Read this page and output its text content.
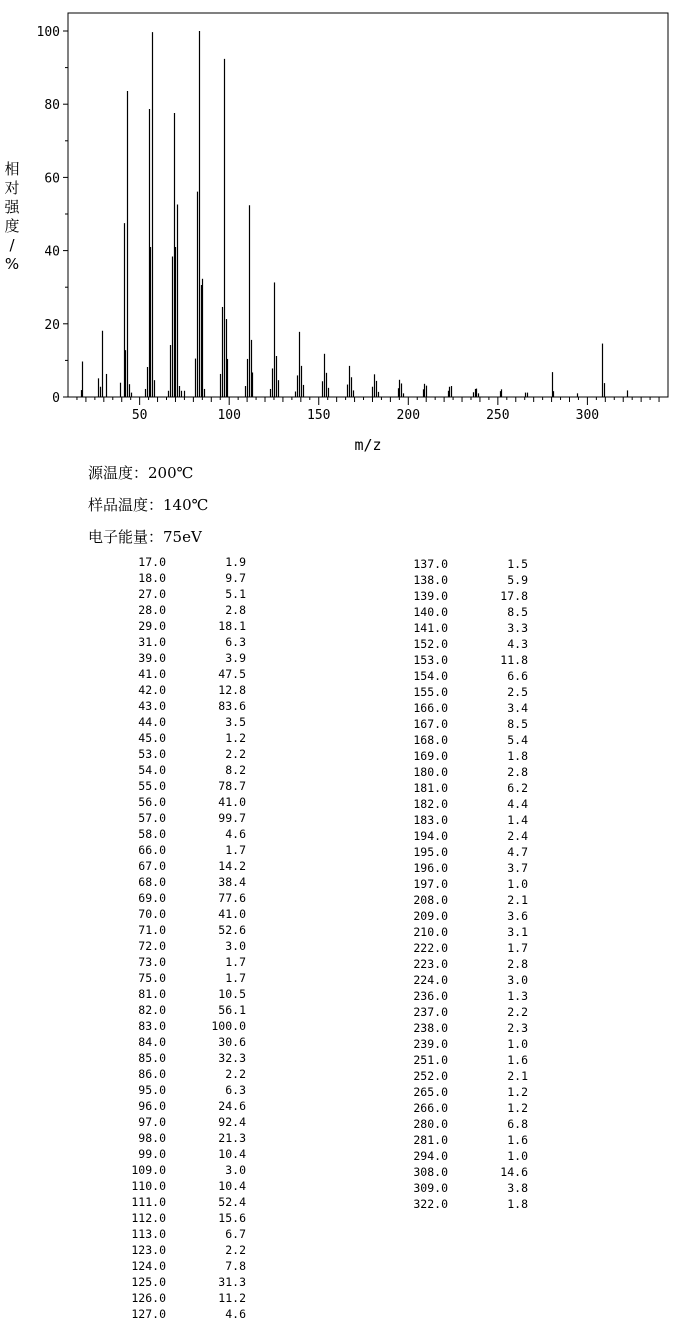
0
20
40
60
80
100
50	100	150	200	250	300
m/z
相对强度/ %
源温度：200℃
样品温度：140℃
电子能量：75eV
17.0	1.9
18.0	9.7
27.0	5.1
28.0	2.8
29.0	18.1
31.0	6.3
39.0	3.9
41.0	47.5
42.0	12.8
43.0	83.6
44.0	3.5
45.0	1.2
53.0	2.2
54.0	8.2
55.0	78.7
56.0	41.0
57.0	99.7
58.0	4.6
66.0	1.7
67.0	14.2
68.0	38.4
69.0	77.6
70.0	41.0
71.0	52.6
72.0	3.0
73.0	1.7
75.0	1.7
81.0	10.5
82.0	56.1
83.0	100.0
84.0	30.6
85.0	32.3
86.0	2.2
95.0	6.3
96.0	24.6
97.0	92.4
98.0	21.3
99.0	10.4
109.0	3.0
110.0	10.4
111.0	52.4
112.0	15.6
113.0	6.7
123.0	2.2
124.0	7.8
125.0	31.3
126.0	11.2
127.0	4.6
137.0	1.5
138.0	5.9
139.0	17.8
140.0	8.5
141.0	3.3
152.0	4.3
153.0	11.8
154.0	6.6
155.0	2.5
166.0	3.4
167.0	8.5
168.0	5.4
169.0	1.8
180.0	2.8
181.0	6.2
182.0	4.4
183.0	1.4
194.0	2.4
195.0	4.7
196.0	3.7
197.0	1.0
208.0	2.1
209.0	3.6
210.0	3.1
222.0	1.7
223.0	2.8
224.0	3.0
236.0	1.3
237.0	2.2
238.0	2.3
239.0	1.0
251.0	1.6
252.0	2.1
265.0	1.2
266.0	1.2
280.0	6.8
281.0	1.6
294.0	1.0
308.0	14.6
309.0	3.8
322.0	1.8
